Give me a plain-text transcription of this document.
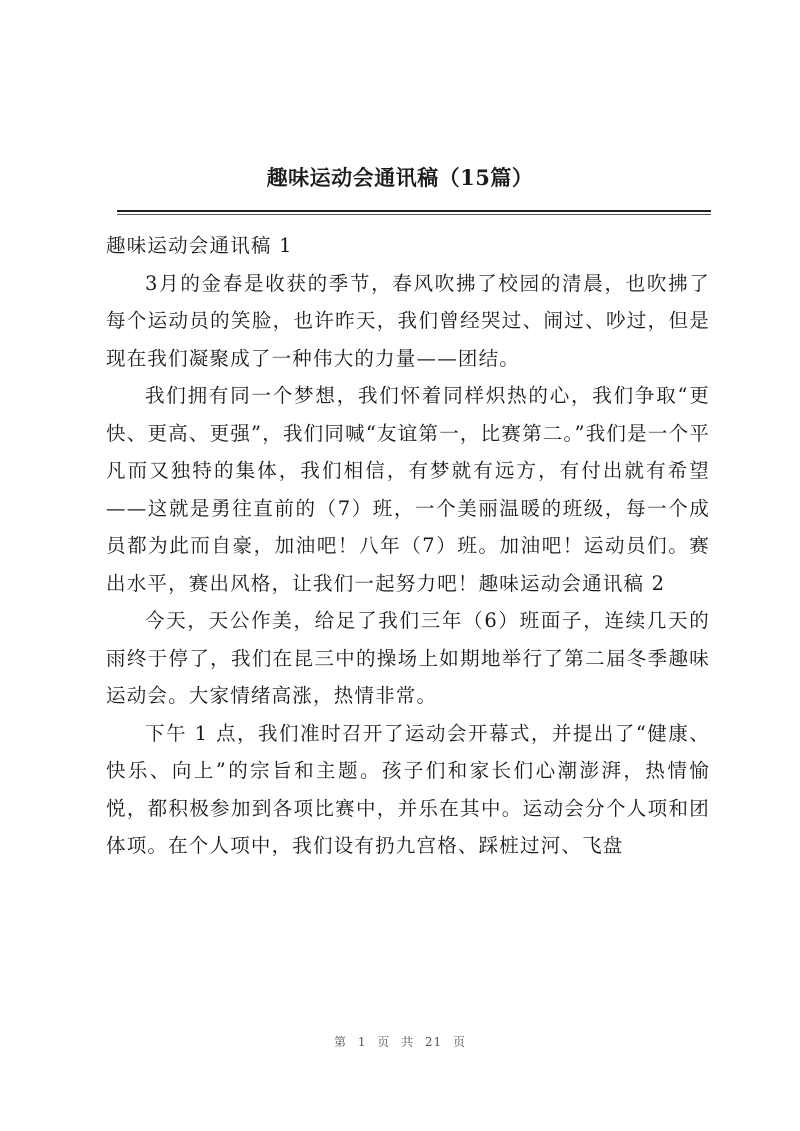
趣味运动会通讯稿（15篇）

趣味运动会通讯稿 1

3月的金春是收获的季节，春风吹拂了校园的清晨，也吹拂了每个运动员的笑脸，也许昨天，我们曾经哭过、闹过、吵过，但是现在我们凝聚成了一种伟大的力量——团结。

我们拥有同一个梦想，我们怀着同样炽热的心，我们争取“更快、更高、更强”，我们同喊“友谊第一，比赛第二。”我们是一个平凡而又独特的集体，我们相信，有梦就有远方，有付出就有希望——这就是勇往直前的（7）班，一个美丽温暖的班级，每一个成员都为此而自豪，加油吧！八年（7）班。加油吧！运动员们。赛出水平，赛出风格，让我们一起努力吧！趣味运动会通讯稿 2

今天，天公作美，给足了我们三年（6）班面子，连续几天的雨终于停了，我们在昆三中的操场上如期地举行了第二届冬季趣味运动会。大家情绪高涨，热情非常。

下午 1 点，我们准时召开了运动会开幕式，并提出了“健康、快乐、向上”的宗旨和主题。孩子们和家长们心潮澎湃，热情愉悦，都积极参加到各项比赛中，并乐在其中。运动会分个人项和团体项。在个人项中，我们设有扔九宫格、踩桩过河、飞盘

第 1 页 共 21 页
